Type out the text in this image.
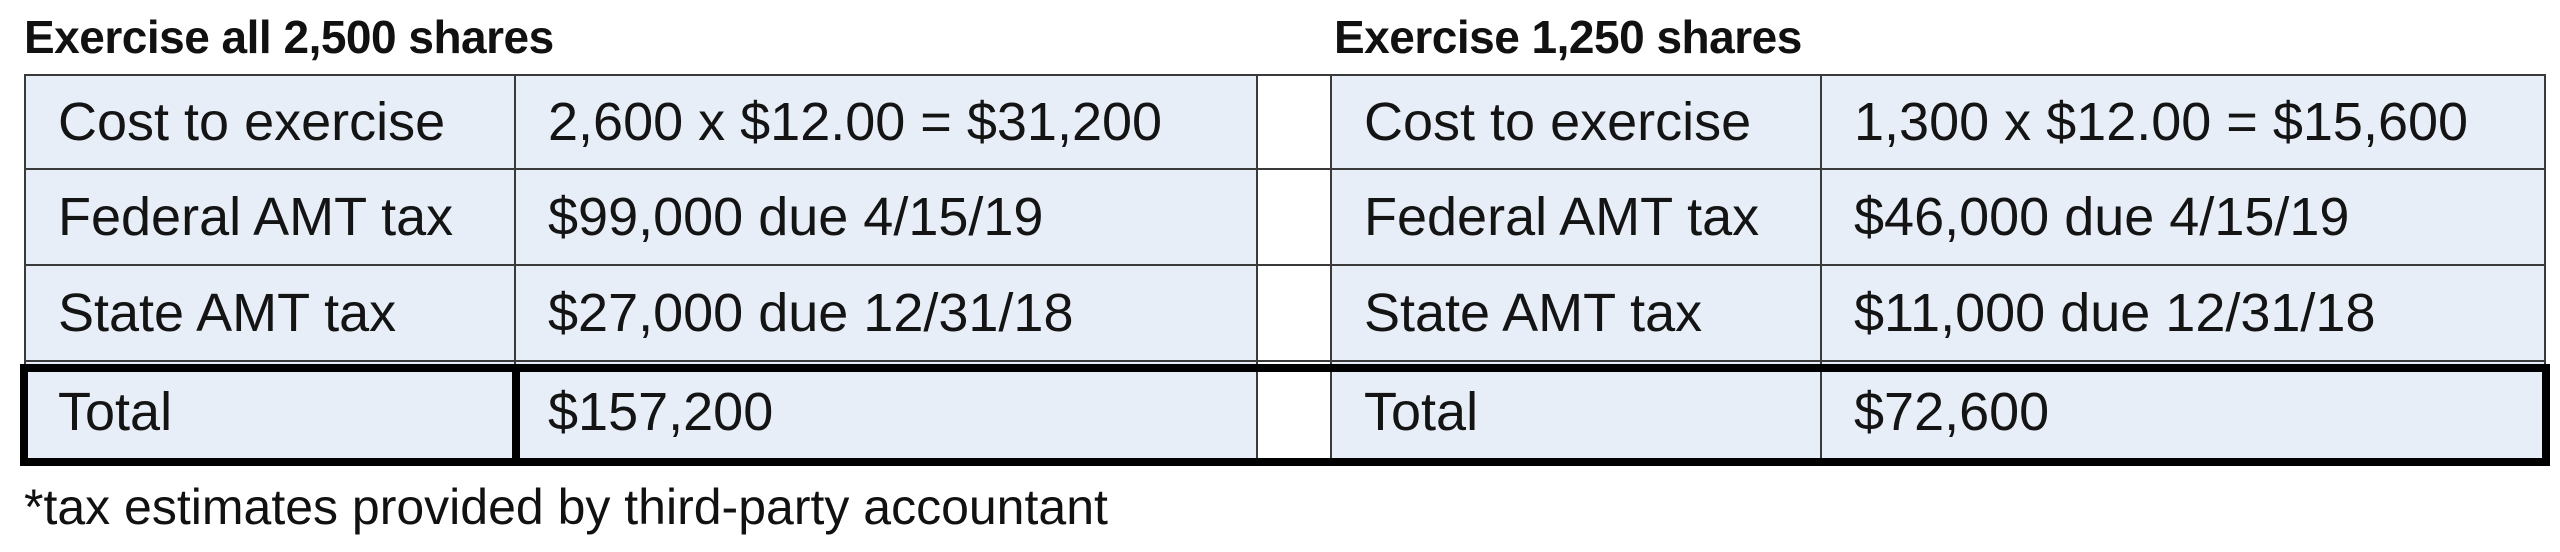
Exercise all 2,500 shares	Exercise 1,250 shares
Cost to exercise	2,600 x $12.00 = $31,200
Federal AMT tax	$99,000 due 4/15/19
State AMT tax	$27,000 due 12/31/18
Total	$157,200
Cost to exercise	1,300 x $12.00 = $15,600
Federal AMT tax	$46,000 due 4/15/19
State AMT tax	$11,000 due 12/31/18
Total	$72,600
*tax estimates provided by third-party accountant
